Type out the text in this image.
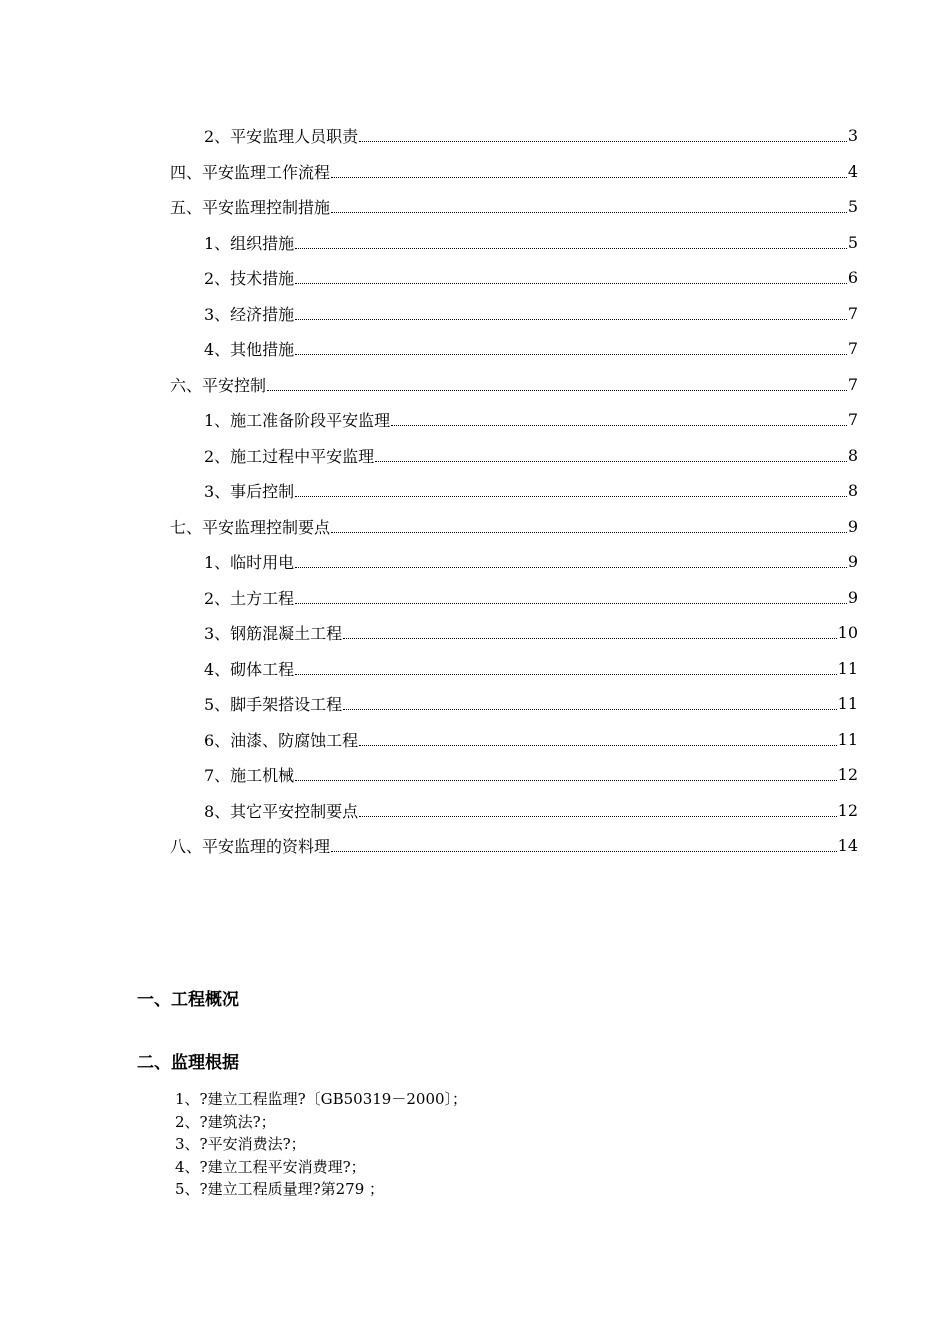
2、平安监理人员职责	3
四、平安监理工作流程	4
五、平安监理控制措施	5
1、组织措施	5
2、技术措施	6
3、经济措施	7
4、其他措施	7
六、平安控制	7
1、施工准备阶段平安监理	7
2、施工过程中平安监理	8
3、事后控制	8
七、平安监理控制要点	9
1、临时用电	9
2、土方工程	9
3、钢筋混凝土工程	10
4、砌体工程	11
5、脚手架搭设工程	11
6、油漆、防腐蚀工程	11
7、施工机械	12
8、其它平安控制要点	12
八、平安监理的资料理	14
一、工程概况
二、监理根据
1、?建立工程监理?〔GB50319－2000〕；
2、?建筑法?；
3、?平安消费法?；
4、?建立工程平安消费理?；
5、?建立工程质量理?第279 ；
